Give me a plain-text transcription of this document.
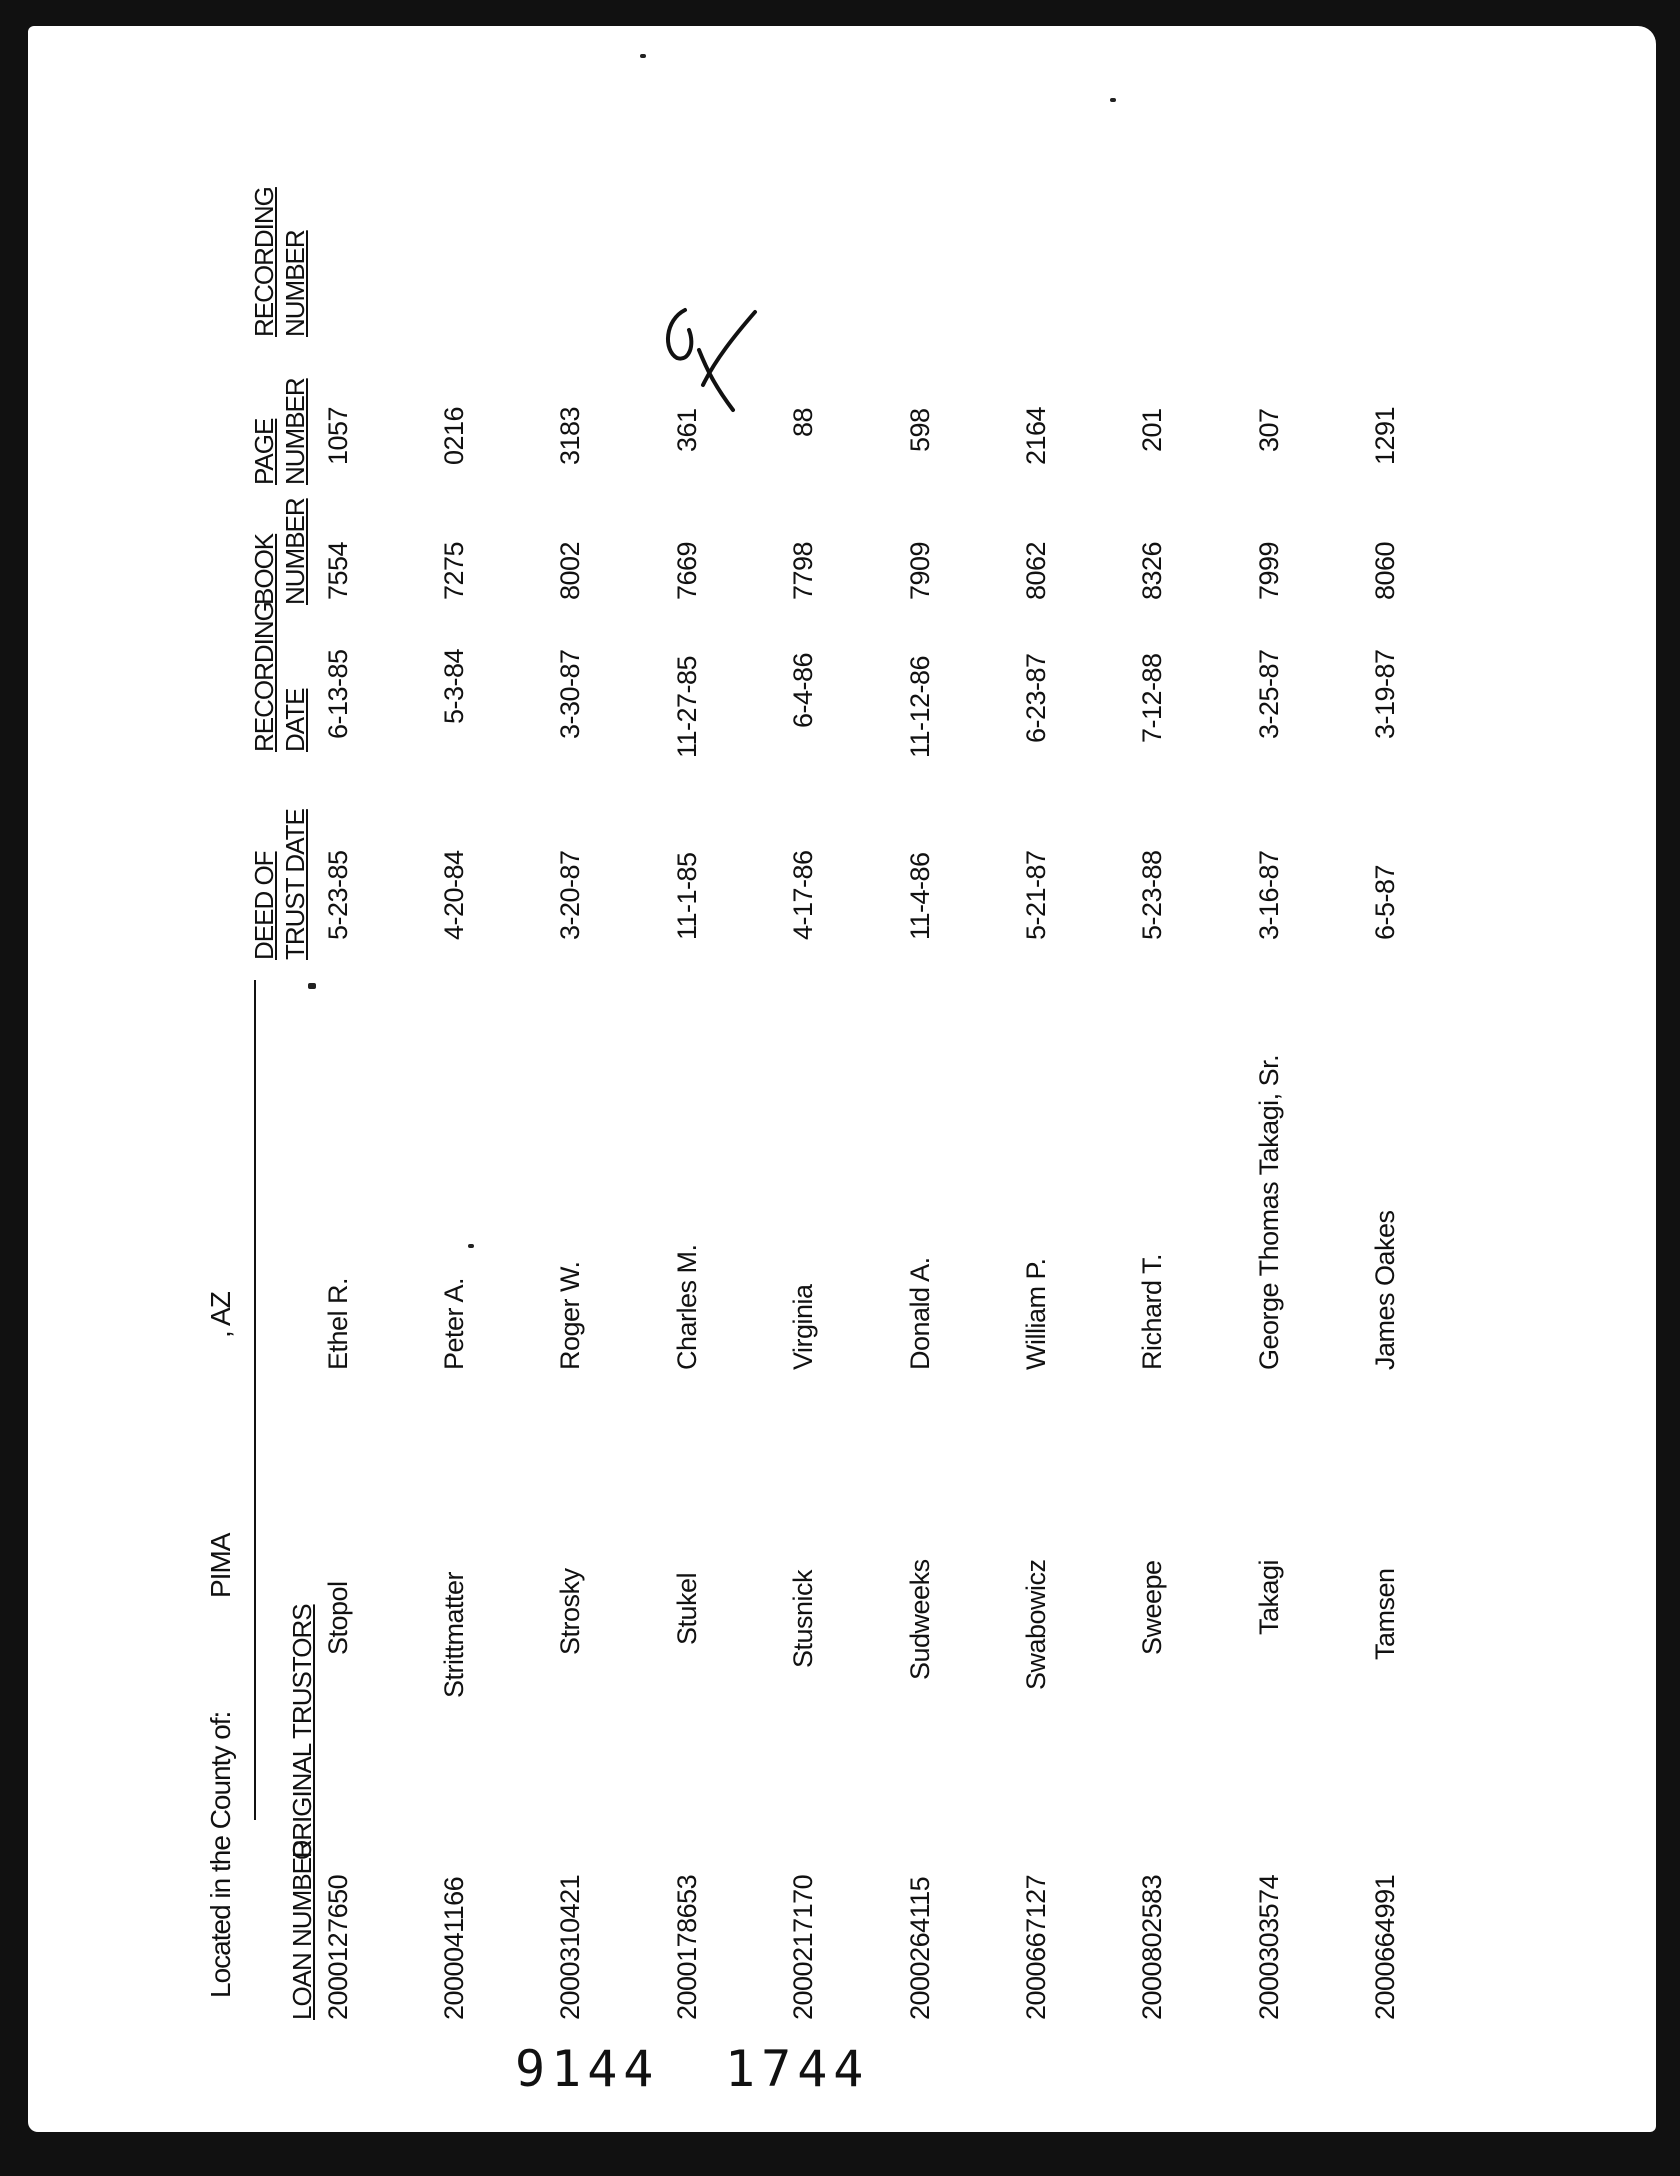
Located in the County of:PIMA, AZ
LOAN NUMBER
ORIGINAL TRUSTORS
DEED OF TRUST DATE
RECORDING DATE
BOOK NUMBER
PAGE NUMBER
RECORDING NUMBER
2000127650
Stopol
Ethel R.
5-23-85
6-13-85
7554
1057
2000041166
Strittmatter
Peter A.
4-20-84
5-3-84
7275
0216
2000310421
Strosky
Roger W.
3-20-87
3-30-87
8002
3183
2000178653
Stukel
Charles M.
11-1-85
11-27-85
7669
361
2000217170
Stusnick
Virginia
4-17-86
6-4-86
7798
88
2000264115
Sudweeks
Donald A.
11-4-86
11-12-86
7909
598
2000667127
Swabowicz
William P.
5-21-87
6-23-87
8062
2164
2000802583
Sweepe
Richard T.
5-23-88
7-12-88
8326
201
2000303574
Takagi
George Thomas Takagi, Sr.
3-16-87
3-25-87
7999
307
2000664991
Tamsen
James Oakes
6-5-87
3-19-87
8060
1291
9144 1744
